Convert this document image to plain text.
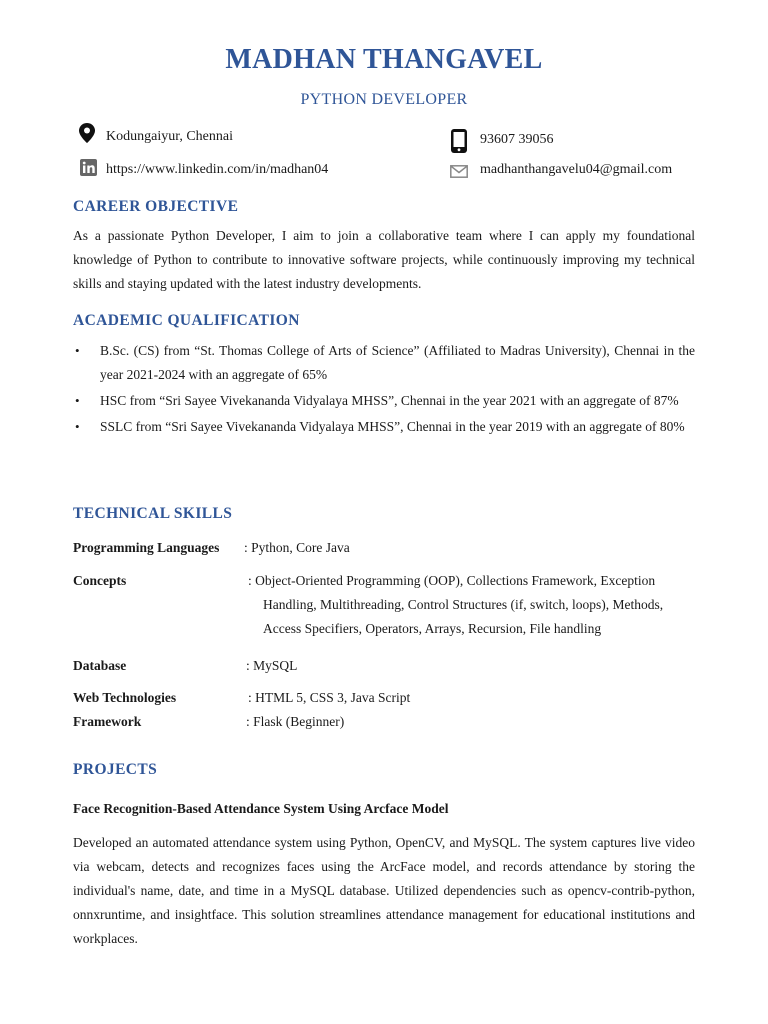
MADHAN THANGAVEL
PYTHON DEVELOPER
Kodungaiyur, Chennai	93607 39056
https://www.linkedin.com/in/madhan04	madhanthangavelu04@gmail.com
CAREER OBJECTIVE
As a passionate Python Developer, I aim to join a collaborative team where I can apply my foundational knowledge of Python to contribute to innovative software projects, while continuously improving my technical skills and staying updated with the latest industry developments.
ACADEMIC QUALIFICATION
• B.Sc. (CS) from “St. Thomas College of Arts of Science” (Affiliated to Madras University), Chennai in the year 2021-2024 with an aggregate of 65%
• HSC from “Sri Sayee Vivekananda Vidyalaya MHSS”, Chennai in the year 2021 with an aggregate of 87%
• SSLC from “Sri Sayee Vivekananda Vidyalaya MHSS”, Chennai in the year 2019 with an aggregate of 80%
TECHNICAL SKILLS
Programming Languages : Python, Core Java
Concepts	: Object-Oriented Programming (OOP), Collections Framework, Exception
Handling, Multithreading, Control Structures (if, switch, loops), Methods,
Access Specifiers, Operators, Arrays, Recursion, File handling
Database	: MySQL
Web Technologies	: HTML 5, CSS 3, Java Script
Framework	: Flask (Beginner)
PROJECTS
Face Recognition-Based Attendance System Using Arcface Model
Developed an automated attendance system using Python, OpenCV, and MySQL. The system captures live video via webcam, detects and recognizes faces using the ArcFace model, and records attendance by storing the individual's name, date, and time in a MySQL database. Utilized dependencies such as opencv-contrib-python, onnxruntime, and insightface. This solution streamlines attendance management for educational institutions and workplaces.
